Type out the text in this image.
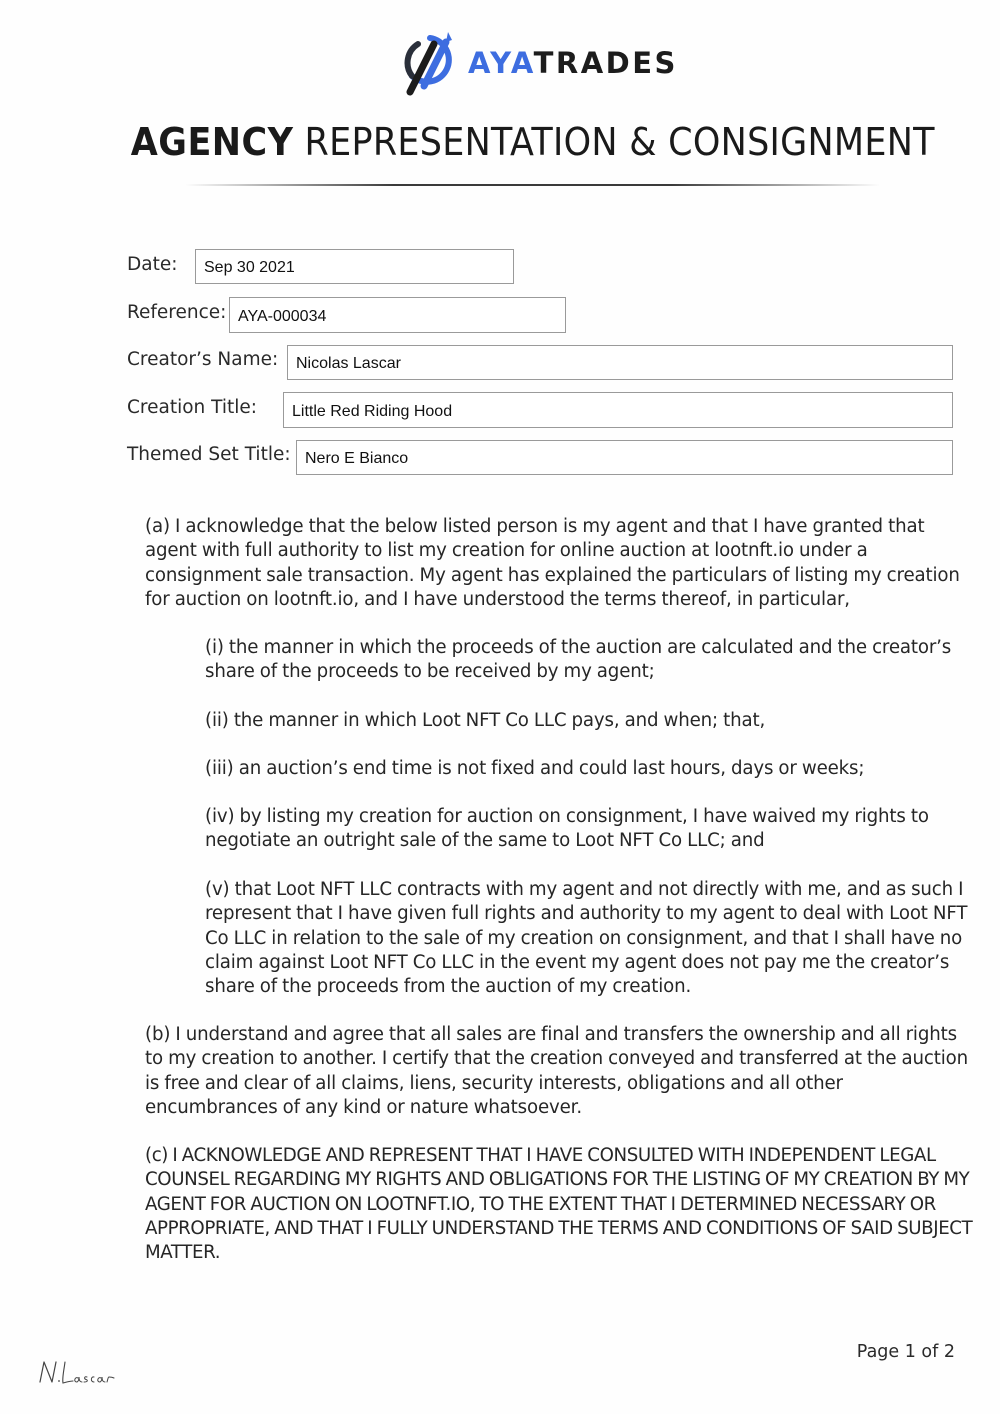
AYATRADES
AGENCY REPRESENTATION & CONSIGNMENT
Date:	Sep 30 2021
Reference: AYA-000034
Creator’s Name:	Nicolas Lascar
Creation Title:	Little Red Riding Hood
Themed Set Title: Nero E Bianco

(a) I acknowledge that the below listed person is my agent and that I have granted that agent with full authority to list my creation for online auction at lootnft.io under a consignment sale transaction. My agent has explained the particulars of listing my creation for auction on lootnft.io, and I have understood the terms thereof, in particular,

(i) the manner in which the proceeds of the auction are calculated and the creator’s share of the proceeds to be received by my agent;

(ii) the manner in which Loot NFT Co LLC pays, and when; that,

(iii) an auction’s end time is not fixed and could last hours, days or weeks;

(iv) by listing my creation for auction on consignment, I have waived my rights to negotiate an outright sale of the same to Loot NFT Co LLC; and

(v) that Loot NFT LLC contracts with my agent and not directly with me, and as such I represent that I have given full rights and authority to my agent to deal with Loot NFT Co LLC in relation to the sale of my creation on consignment, and that I shall have no claim against Loot NFT Co LLC in the event my agent does not pay me the creator’s share of the proceeds from the auction of my creation.

(b) I understand and agree that all sales are final and transfers the ownership and all rights to my creation to another. I certify that the creation conveyed and transferred at the auction is free and clear of all claims, liens, security interests, obligations and all other encumbrances of any kind or nature whatsoever.

(c) I ACKNOWLEDGE AND REPRESENT THAT I HAVE CONSULTED WITH INDEPENDENT LEGAL COUNSEL REGARDING MY RIGHTS AND OBLIGATIONS FOR THE LISTING OF MY CREATION BY MY AGENT FOR AUCTION ON LOOTNFT.IO, TO THE EXTENT THAT I DETERMINED NECESSARY OR APPROPRIATE, AND THAT I FULLY UNDERSTAND THE TERMS AND CONDITIONS OF SAID SUBJECT MATTER.

Page 1 of 2
